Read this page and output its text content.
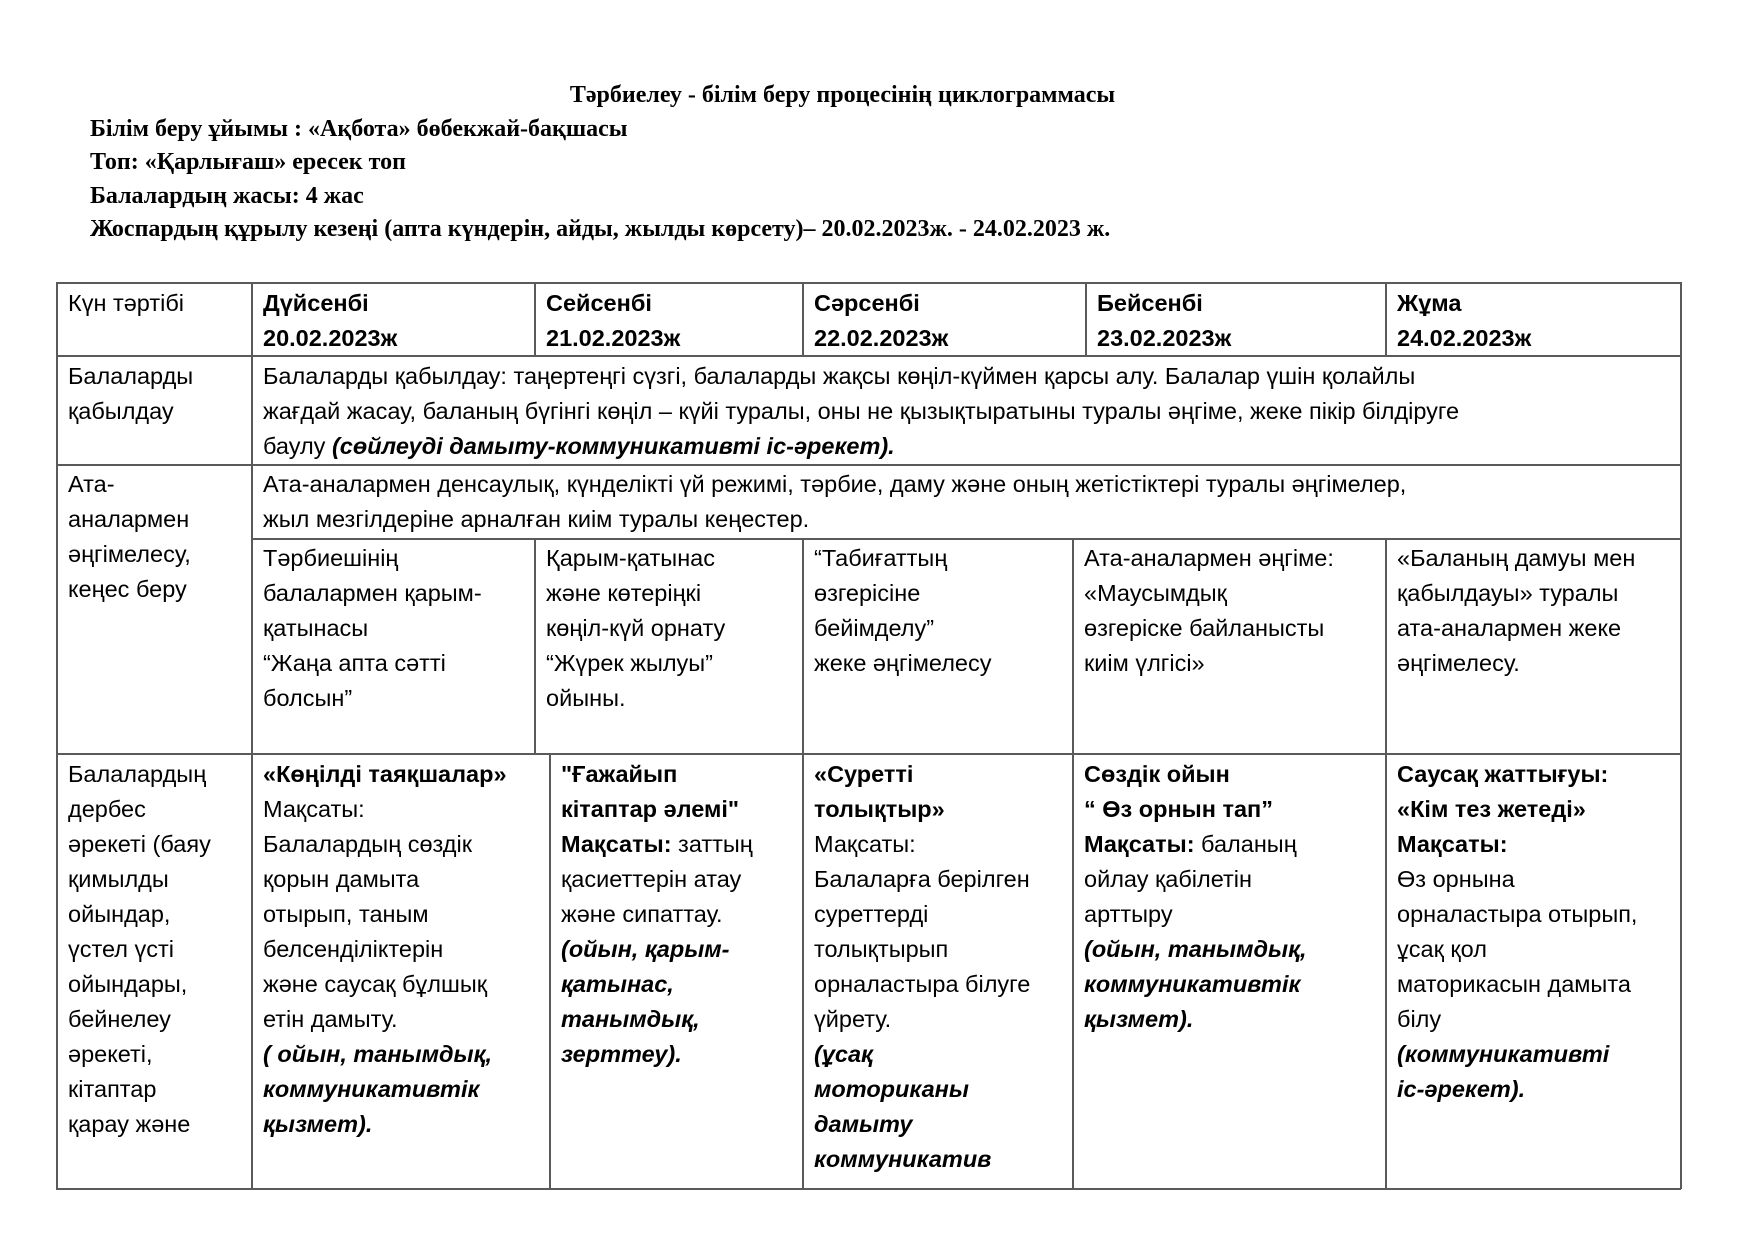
Тәрбиелеу - білім беру процесінің циклограммасы
Білім беру ұйымы : «Ақбота» бөбекжай-бақшасы
Топ: «Қарлығаш» ересек топ
Балалардың жасы: 4 жас
Жоспардың құрылу кезеңі (апта күндерін, айды, жылды көрсету)– 20.02.2023ж. - 24.02.2023 ж.
Күн тәртібі	Дүйсенбі
20.02.2023ж
Сейсенбі
21.02.2023ж
Сәрсенбі
22.02.2023ж
Бейсенбі
23.02.2023ж
Жұма
24.02.2023ж
Балаларды
қабылдау
Балаларды қабылдау: таңертеңгі сүзгі, балаларды жақсы көңіл-күймен қарсы алу. Балалар үшін қолайлы
жағдай жасау, баланың бүгінгі көңіл – күйі туралы, оны не қызықтыратыны туралы әңгіме, жеке пікір білдіруге
баулу (сөйлеуді дамыту-коммуникативті іс-әрекет).
Ата-
аналармен
әңгімелесу,
кеңес беру
Ата-аналармен денсаулық, күнделікті үй режимі, тәрбие, даму және оның жетістіктері туралы әңгімелер,
жыл мезгілдеріне арналған киім туралы кеңестер.
Тәрбиешінің
балалармен қарым-
қатынасы
“Жаңа апта сәтті
болсын”
Қарым-қатынас
және көтеріңкі
көңіл-күй орнату
“Жүрек жылуы”
ойыны.
“Табиғаттың
өзгерісіне
бейімделу”
жеке әңгімелесу
Ата-аналармен әңгіме:
«Маусымдық
өзгеріске байланысты
киім үлгісі»
«Баланың дамуы мен
қабылдауы» туралы
ата-аналармен жеке
әңгімелесу.
Балалардың
дербес
әрекеті (баяу
қимылды
ойындар,
үстел үсті
ойындары,
бейнелеу
әрекеті,
кітаптар
қарау және
«Көңілді таяқшалар»
Мақсаты:
Балалардың сөздік
қорын дамыта
отырып, таным
белсенділіктерін
және саусақ бұлшық
етін дамыту.
( ойын, танымдық,
коммуникативтік
қызмет).
"Ғажайып
кітаптар әлемі"
Мақсаты: заттың
қасиеттерін атау
және сипаттау.
(ойын, қарым-
қатынас,
танымдық,
зерттеу).
«Суретті
толықтыр»
Мақсаты:
Балаларға берілген
суреттерді
толықтырып
орналастыра білуге
үйрету.
(ұсақ
моториканы
дамыту
коммуникатив
Сөздік ойын
“ Өз орнын тап”
Мақсаты: баланың
ойлау қабілетін
арттыру
(ойын, танымдық,
коммуникативтік
қызмет).
Саусақ жаттығуы:
«Кім тез жетеді»
Мақсаты:
Өз орнына
орналастыра отырып,
ұсақ қол
маторикасын дамыта
білу
(коммуникативті
іс-әрекет).
